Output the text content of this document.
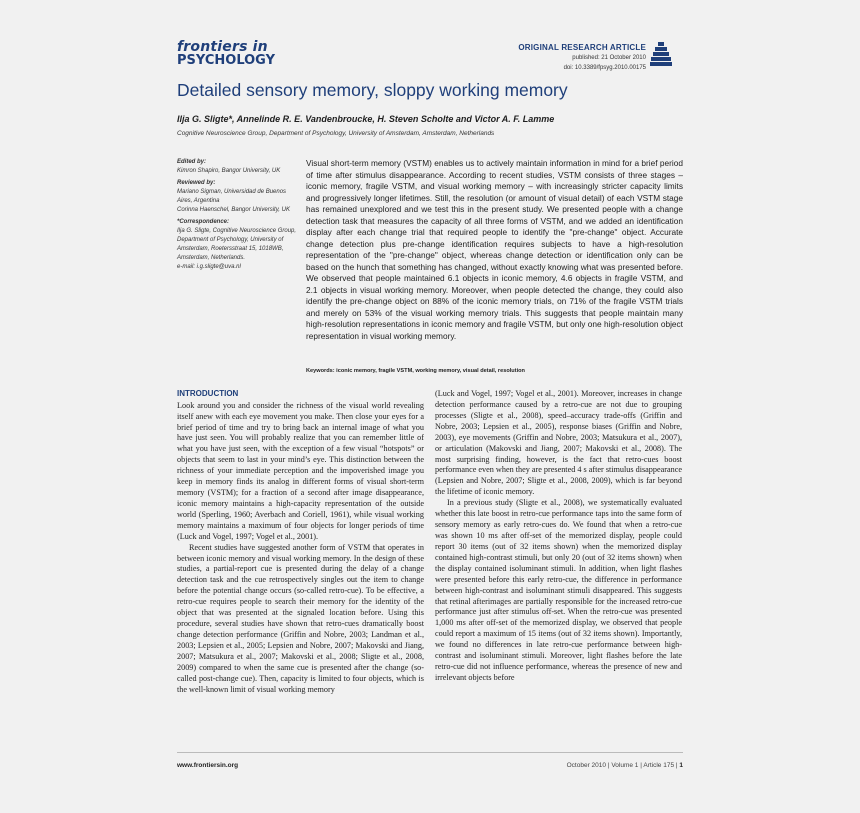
frontiers in
PSYCHOLOGY
ORIGINAL RESEARCH ARTICLE
published: 21 October 2010
doi: 10.3389/fpsyg.2010.00175
Detailed sensory memory, sloppy working memory
Ilja G. Sligte*, Annelinde R. E. Vandenbroucke, H. Steven Scholte and Victor A. F. Lamme
Cognitive Neuroscience Group, Department of Psychology, University of Amsterdam, Amsterdam, Netherlands
Edited by:
Kimron Shapiro, Bangor University, UK
Reviewed by:
Mariano Sigman, Universidad de Buenos Aires, Argentina
Corinna Haenschel, Bangor University, UK
*Correspondence:
Ilja G. Sligte, Cognitive Neuroscience Group, Department of Psychology, University of Amsterdam, Roetersstraat 15, 1018WB, Amsterdam, Netherlands.
e-mail: i.g.sligte@uva.nl
Visual short-term memory (VSTM) enables us to actively maintain information in mind for a brief period of time after stimulus disappearance. According to recent studies, VSTM consists of three stages – iconic memory, fragile VSTM, and visual working memory – with increasingly stricter capacity limits and progressively longer lifetimes. Still, the resolution (or amount of visual detail) of each VSTM stage has remained unexplored and we test this in the present study. We presented people with a change detection task that measures the capacity of all three forms of VSTM, and we added an identification display after each change trial that required people to identify the "pre-change" object. Accurate change detection plus pre-change identification requires subjects to have a high-resolution representation of the "pre-change" object, whereas change detection or identification only can be based on the hunch that something has changed, without exactly knowing what was presented before. We observed that people maintained 6.1 objects in iconic memory, 4.6 objects in fragile VSTM, and 2.1 objects in visual working memory. Moreover, when people detected the change, they could also identify the pre-change object on 88% of the iconic memory trials, on 71% of the fragile VSTM trials and merely on 53% of the visual working memory trials. This suggests that people maintain many high-resolution representations in iconic memory and fragile VSTM, but only one high-resolution object representation in visual working memory.
Keywords: iconic memory, fragile VSTM, working memory, visual detail, resolution
INTRODUCTION

Look around you and consider the richness of the visual world revealing itself anew with each eye movement you make. Then close your eyes for a brief period of time and try to bring back an internal image of what you have just seen. You will probably realize that you can remember little of what you have just seen, with the exception of a few visual “hotspots” or objects that seem to last in your mind’s eye. This distinction between the richness of your immediate perception and the impoverished image you keep in memory finds its analog in different forms of visual short-term memory (VSTM); for a fraction of a second after image disappearance, iconic memory maintains a high-capacity representation of the outside world (Sperling, 1960; Averbach and Coriell, 1961), while visual working memory maintains a maximum of four objects for longer periods of time (Luck and Vogel, 1997; Vogel et al., 2001).

Recent studies have suggested another form of VSTM that operates in between iconic memory and visual working memory. In the design of these studies, a partial-report cue is presented during the delay of a change detection task and the cue retrospectively singles out the item to change before the potential change occurs (so-called retro-cue). To be effective, a retro-cue requires people to search their memory for the identity of the object that was presented at the signaled location before. Using this procedure, several studies have shown that retro-cues dramatically boost change detection performance (Griffin and Nobre, 2003; Landman et al., 2003; Lepsien et al., 2005; Lepsien and Nobre, 2007; Makovski and Jiang, 2007; Matsukura et al., 2007; Makovski et al., 2008; Sligte et al., 2008, 2009) compared to when the same cue is presented after the change (so-called post-change cue). Then, capacity is limited to four objects, which is the well-known limit of visual working memory

(Luck and Vogel, 1997; Vogel et al., 2001). Moreover, increases in change detection performance caused by a retro-cue are not due to grouping processes (Sligte et al., 2008), speed–accuracy trade-offs (Griffin and Nobre, 2003; Lepsien et al., 2005), response biases (Griffin and Nobre, 2003), eye movements (Griffin and Nobre, 2003; Matsukura et al., 2007), or articulation (Makovski and Jiang, 2007; Makovski et al., 2008). The most surprising finding, however, is the fact that retro-cues boost performance even when they are presented 4 s after stimulus disappearance (Lepsien and Nobre, 2007; Sligte et al., 2008, 2009), which is far beyond the lifetime of iconic memory.

In a previous study (Sligte et al., 2008), we systematically evaluated whether this late boost in retro-cue performance taps into the same form of sensory memory as early retro-cues do. We found that when a retro-cue was shown 10 ms after off-set of the memorized display, people could report 30 items (out of 32 items shown) when the memorized display contained high-contrast stimuli, but only 20 (out of 32 items shown) when the display contained isoluminant stimuli. In addition, when light flashes were presented before this early retro-cue, the difference in performance between high-contrast and isoluminant stimuli disappeared. This suggests that retinal afterimages are partially responsible for the increased retro-cue performance just after stimulus off-set. When the retro-cue was presented 1,000 ms after off-set of the memorized display, we observed that people could report a maximum of 15 items (out of 32 items shown). Importantly, we found no differences in late retro-cue performance between high-contrast and isoluminant stimuli. Moreover, light flashes before the late retro-cue did not influence performance, whereas the presence of new and irrelevant objects before

www.frontiersin.org	October 2010 | Volume 1 | Article 175 | 1
